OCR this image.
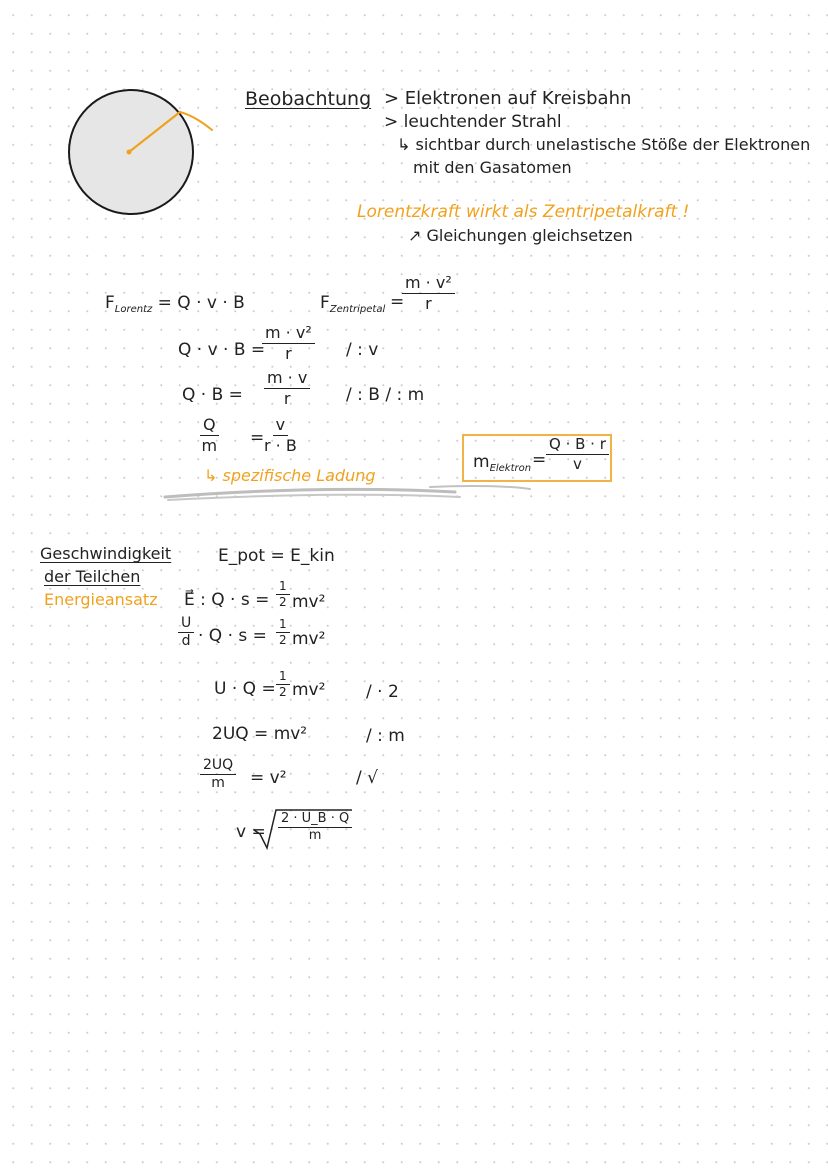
Beobachtung > Elektronen auf Kreisbahn
> leuchtender Strahl
↳ sichtbar durch unelastische Stöße der Elektronen
mit den Gasatomen
Lorentzkraft wirkt als Zentripetalkraft !
↗ Gleichungen gleichsetzen
$F_{Lorentz} = Q \cdot v \cdot B$	$F_{Zentripetal}$ =
$\frac{\text{m · v²}}{r}$
Q · v · B =
$\frac{\text{m · v²}}{r}$ / : v
$Q \cdot B = \frac{m \cdot v}{r}$ / : B / : m
$\frac{Q}{m} = \frac{v}{r \cdot B}$
↳ spezifische Ladung
$m_{Elektron} = \frac{Q \cdot B \cdot r}{v}$
Geschwindigkeit
der Teilchen
Energieansatz
E_pot = E_kin
E⃗ : $Q \cdot s = \frac{1}{2} mv^2$
$\frac{U}{d} \cdot Q \cdot s = \frac{1}{2} mv^2$
$U \cdot Q = \frac{1}{2} mv^2$ / · 2
2UQ = mv²	/ : m
$\frac{2UQ}{m} = v^2$	/ √
$v = \frac{2 \cdot U\_B \cdot Q}{m}$
